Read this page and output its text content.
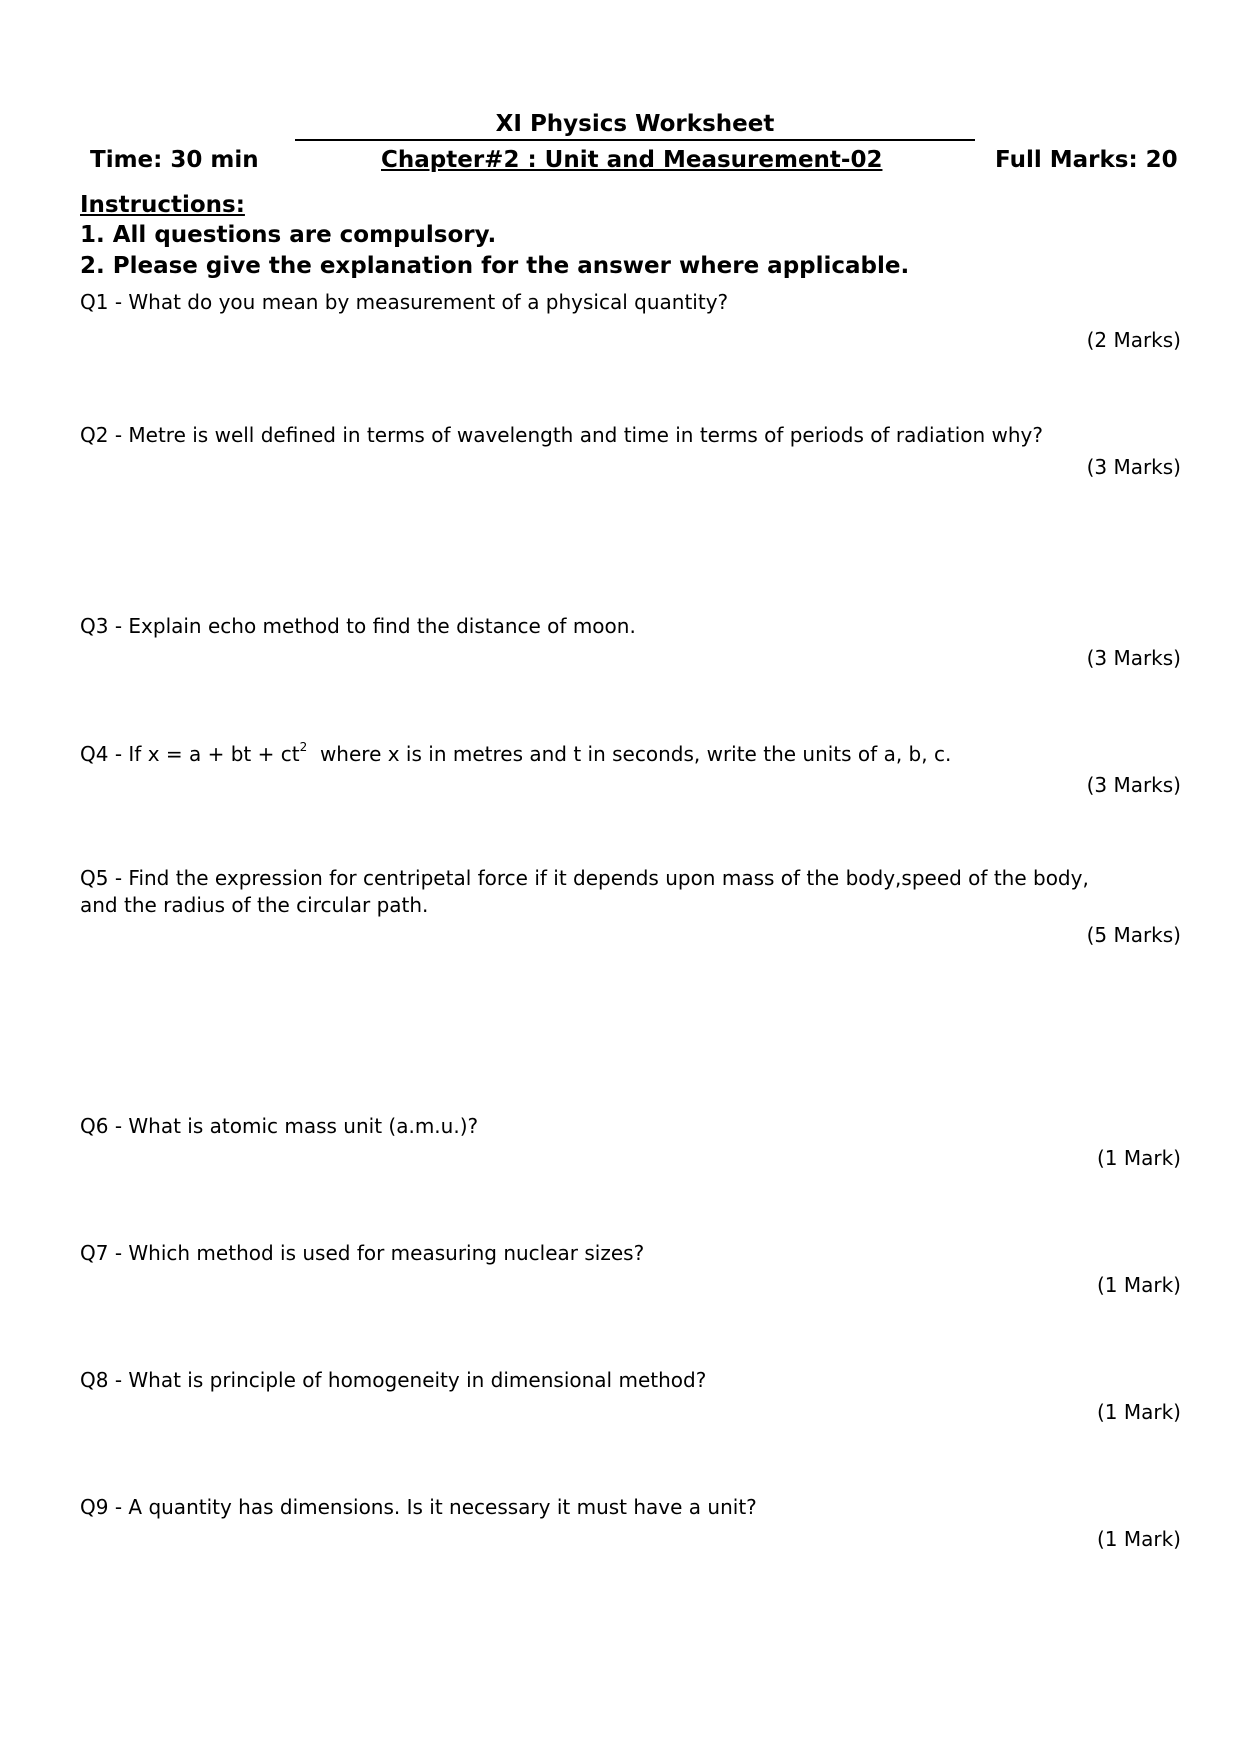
XI Physics Worksheet
Time: 30 min	Chapter#2 : Unit and Measurement-02	Full Marks: 20
Instructions:
1. All questions are compulsory.
2. Please give the explanation for the answer where applicable.
Q1 - What do you mean by measurement of a physical quantity?
(2 Marks)
Q2 - Metre is well defined in terms of wavelength and time in terms of periods of radiation why?
(3 Marks)
Q3 - Explain echo method to find the distance of moon.
(3 Marks)
Q4 - If x = a + bt + $ct^2$  where x is in metres and t in seconds, write the units of a, b, c.
(3 Marks)
Q5 - Find the expression for centripetal force if it depends upon mass of the body,speed of the body,
and the radius of the circular path.
(5 Marks)
Q6 - What is atomic mass unit (a.m.u.)?
(1 Mark)
Q7 - Which method is used for measuring nuclear sizes?
(1 Mark)
Q8 - What is principle of homogeneity in dimensional method?
(1 Mark)
Q9 - A quantity has dimensions. Is it necessary it must have a unit?
(1 Mark)
